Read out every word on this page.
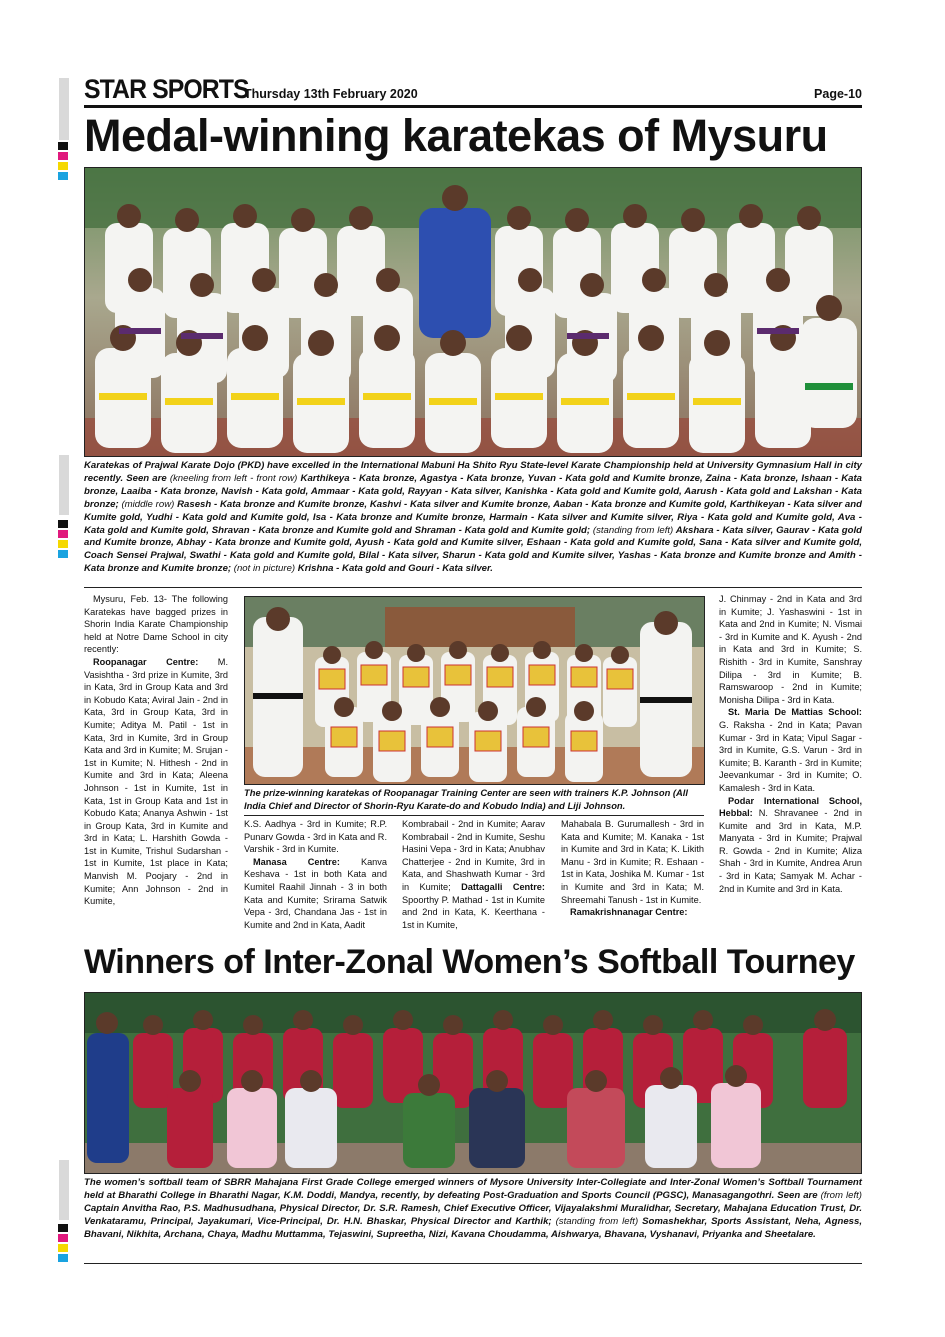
STAR SPORTS
Thursday 13th February 2020	Page-10
Medal-winning karatekas of Mysuru
Karatekas of Prajwal Karate Dojo (PKD) have excelled in the International Mabuni Ha Shito Ryu State-level Karate Championship held at University Gymnasium Hall in city recently. Seen are (kneeling from left - front row) Karthikeya - Kata bronze, Agastya - Kata bronze, Yuvan - Kata gold and Kumite bronze, Zaina - Kata bronze, Ishaan - Kata bronze, Laaiba - Kata bronze, Navish - Kata gold, Ammaar - Kata gold, Rayyan - Kata silver, Kanishka - Kata gold and Kumite gold, Aarush - Kata gold and Lakshan - Kata bronze; (middle row) Rasesh - Kata bronze and Kumite bronze, Kashvi - Kata silver and Kumite bronze, Aaban - Kata bronze and Kumite gold, Karthikeyan - Kata silver and Kumite gold, Yudhi - Kata gold and Kumite gold, Isa - Kata bronze and Kumite bronze, Harmain - Kata silver and Kumite silver, Riya - Kata gold and Kumite gold, Ava - Kata gold and Kumite gold, Shravan - Kata bronze and Kumite gold and Shraman - Kata gold and Kumite gold; (standing from left) Akshara - Kata silver, Gaurav - Kata gold and Kumite bronze, Abhay - Kata bronze and Kumite gold, Ayush - Kata gold and Kumite silver, Eshaan - Kata gold and Kumite gold, Sana - Kata silver and Kumite gold, Coach Sensei Prajwal, Swathi - Kata gold and Kumite gold, Bilal - Kata silver, Sharun - Kata gold and Kumite silver, Yashas - Kata bronze and Kumite bronze and Amith - Kata bronze and Kumite bronze; (not in picture) Krishna - Kata gold and Gouri - Kata silver.

Mysuru, Feb. 13- The following Karatekas have bagged prizes in Shorin India Karate Championship held at Notre Dame School in city recently:

Roopanagar Centre: M. Vasishtha - 3rd prize in Kumite, 3rd in Kata, 3rd in Group Kata and 3rd in Kobudo Kata; Aviral Jain - 2nd in Kata, 3rd in Group Kata, 3rd in Kumite; Aditya M. Patil - 1st in Kata, 3rd in Kumite, 3rd in Group Kata and 3rd in Kumite; M. Srujan - 1st in Kumite; N. Hithesh - 2nd in Kumite and 3rd in Kata; Aleena Johnson - 1st in Kumite, 1st in Kata, 1st in Group Kata and 1st in Kobudo Kata; Ananya Ashwin - 1st in Group Kata, 3rd in Kumite and 3rd in Kata; L. Harshith Gowda - 1st in Kumite, Trishul Sudarshan - 1st in Kumite, 1st place in Kata; Manvish M. Poojary - 2nd in Kumite; Ann Johnson - 2nd in Kumite,

The prize-winning karatekas of Roopanagar Training Center are seen with trainers K.P. Johnson (All India Chief and Director of Shorin-Ryu Karate-do and Kobudo India) and Liji Johnson.

K.S. Aadhya - 3rd in Kumite; R.P. Punarv Gowda - 3rd in Kata and R. Varshik - 3rd in Kumite.

Manasa Centre: Kanva Keshava - 1st in both Kata and Kumitel Raahil Jinnah - 3 in both Kata and Kumite; Srirama Satwik Vepa - 3rd, Chandana Jas - 1st in Kumite and 2nd in Kata, Aadit

Kombrabail - 2nd in Kumite; Aarav Kombrabail - 2nd in Kumite, Seshu Hasini Vepa - 3rd in Kata; Anubhav Chatterjee - 2nd in Kumite, 3rd in Kata, and Shashwath Kumar - 3rd in Kumite; Dattagalli Centre: Spoorthy P. Mathad - 1st in Kumite and 2nd in Kata, K. Keerthana - 1st in Kumite,

Mahabala B. Gurumallesh - 3rd in Kata and Kumite; M. Kanaka - 1st in Kumite and 3rd in Kata; K. Likith Manu - 3rd in Kumite; R. Eshaan - 1st in Kata, Joshika M. Kumar - 1st in Kumite and 3rd in Kata; M. Shreemahi Tanush - 1st in Kumite.

Ramakrishnanagar Centre:

J. Chinmay - 2nd in Kata and 3rd in Kumite; J. Yashaswini - 1st in Kata and 2nd in Kumite; N. Vismai - 3rd in Kumite and K. Ayush - 2nd in Kata and 3rd in Kumite; S. Rishith - 3rd in Kumite, Sanshray Dilipa - 3rd in Kumite; B. Ramswaroop - 2nd in Kumite; Monisha Dilipa - 3rd in Kata.

St. Maria De Mattias School: G. Raksha - 2nd in Kata; Pavan Kumar - 3rd in Kata; Vipul Sagar - 3rd in Kumite, G.S. Varun - 3rd in Kumite; B. Karanth - 3rd in Kumite; Jeevankumar - 3rd in Kumite; O. Kamalesh - 3rd in Kata.

Podar International School, Hebbal: N. Shravanee - 2nd in Kumite and 3rd in Kata, M.P. Manyata - 3rd in Kumite; Prajwal R. Gowda - 2nd in Kumite; Aliza Shah - 3rd in Kumite, Andrea Arun - 3rd in Kata; Samyak M. Achar - 2nd in Kumite and 3rd in Kata.

Winners of Inter-Zonal Women’s Softball Tourney
The women’s softball team of SBRR Mahajana First Grade College emerged winners of Mysore University Inter-Collegiate and Inter-Zonal Women’s Softball Tournament held at Bharathi College in Bharathi Nagar, K.M. Doddi, Mandya, recently, by defeating Post-Graduation and Sports Council (PGSC), Manasagangothri. Seen are (from left) Captain Anvitha Rao, P.S. Madhusudhana, Physical Director, Dr. S.R. Ramesh, Chief Executive Officer, Vijayalakshmi Muralidhar, Secretary, Mahajana Education Trust, Dr. Venkataramu, Principal, Jayakumari, Vice-Principal, Dr. H.N. Bhaskar, Physical Director and Karthik; (standing from left) Somashekhar, Sports Assistant, Neha, Agness, Bhavani, Nikhita, Archana, Chaya, Madhu Muttamma, Tejaswini, Supreetha, Nizi, Kavana Choudamma, Aishwarya, Bhavana, Vyshanavi, Priyanka and Sheetalare.
